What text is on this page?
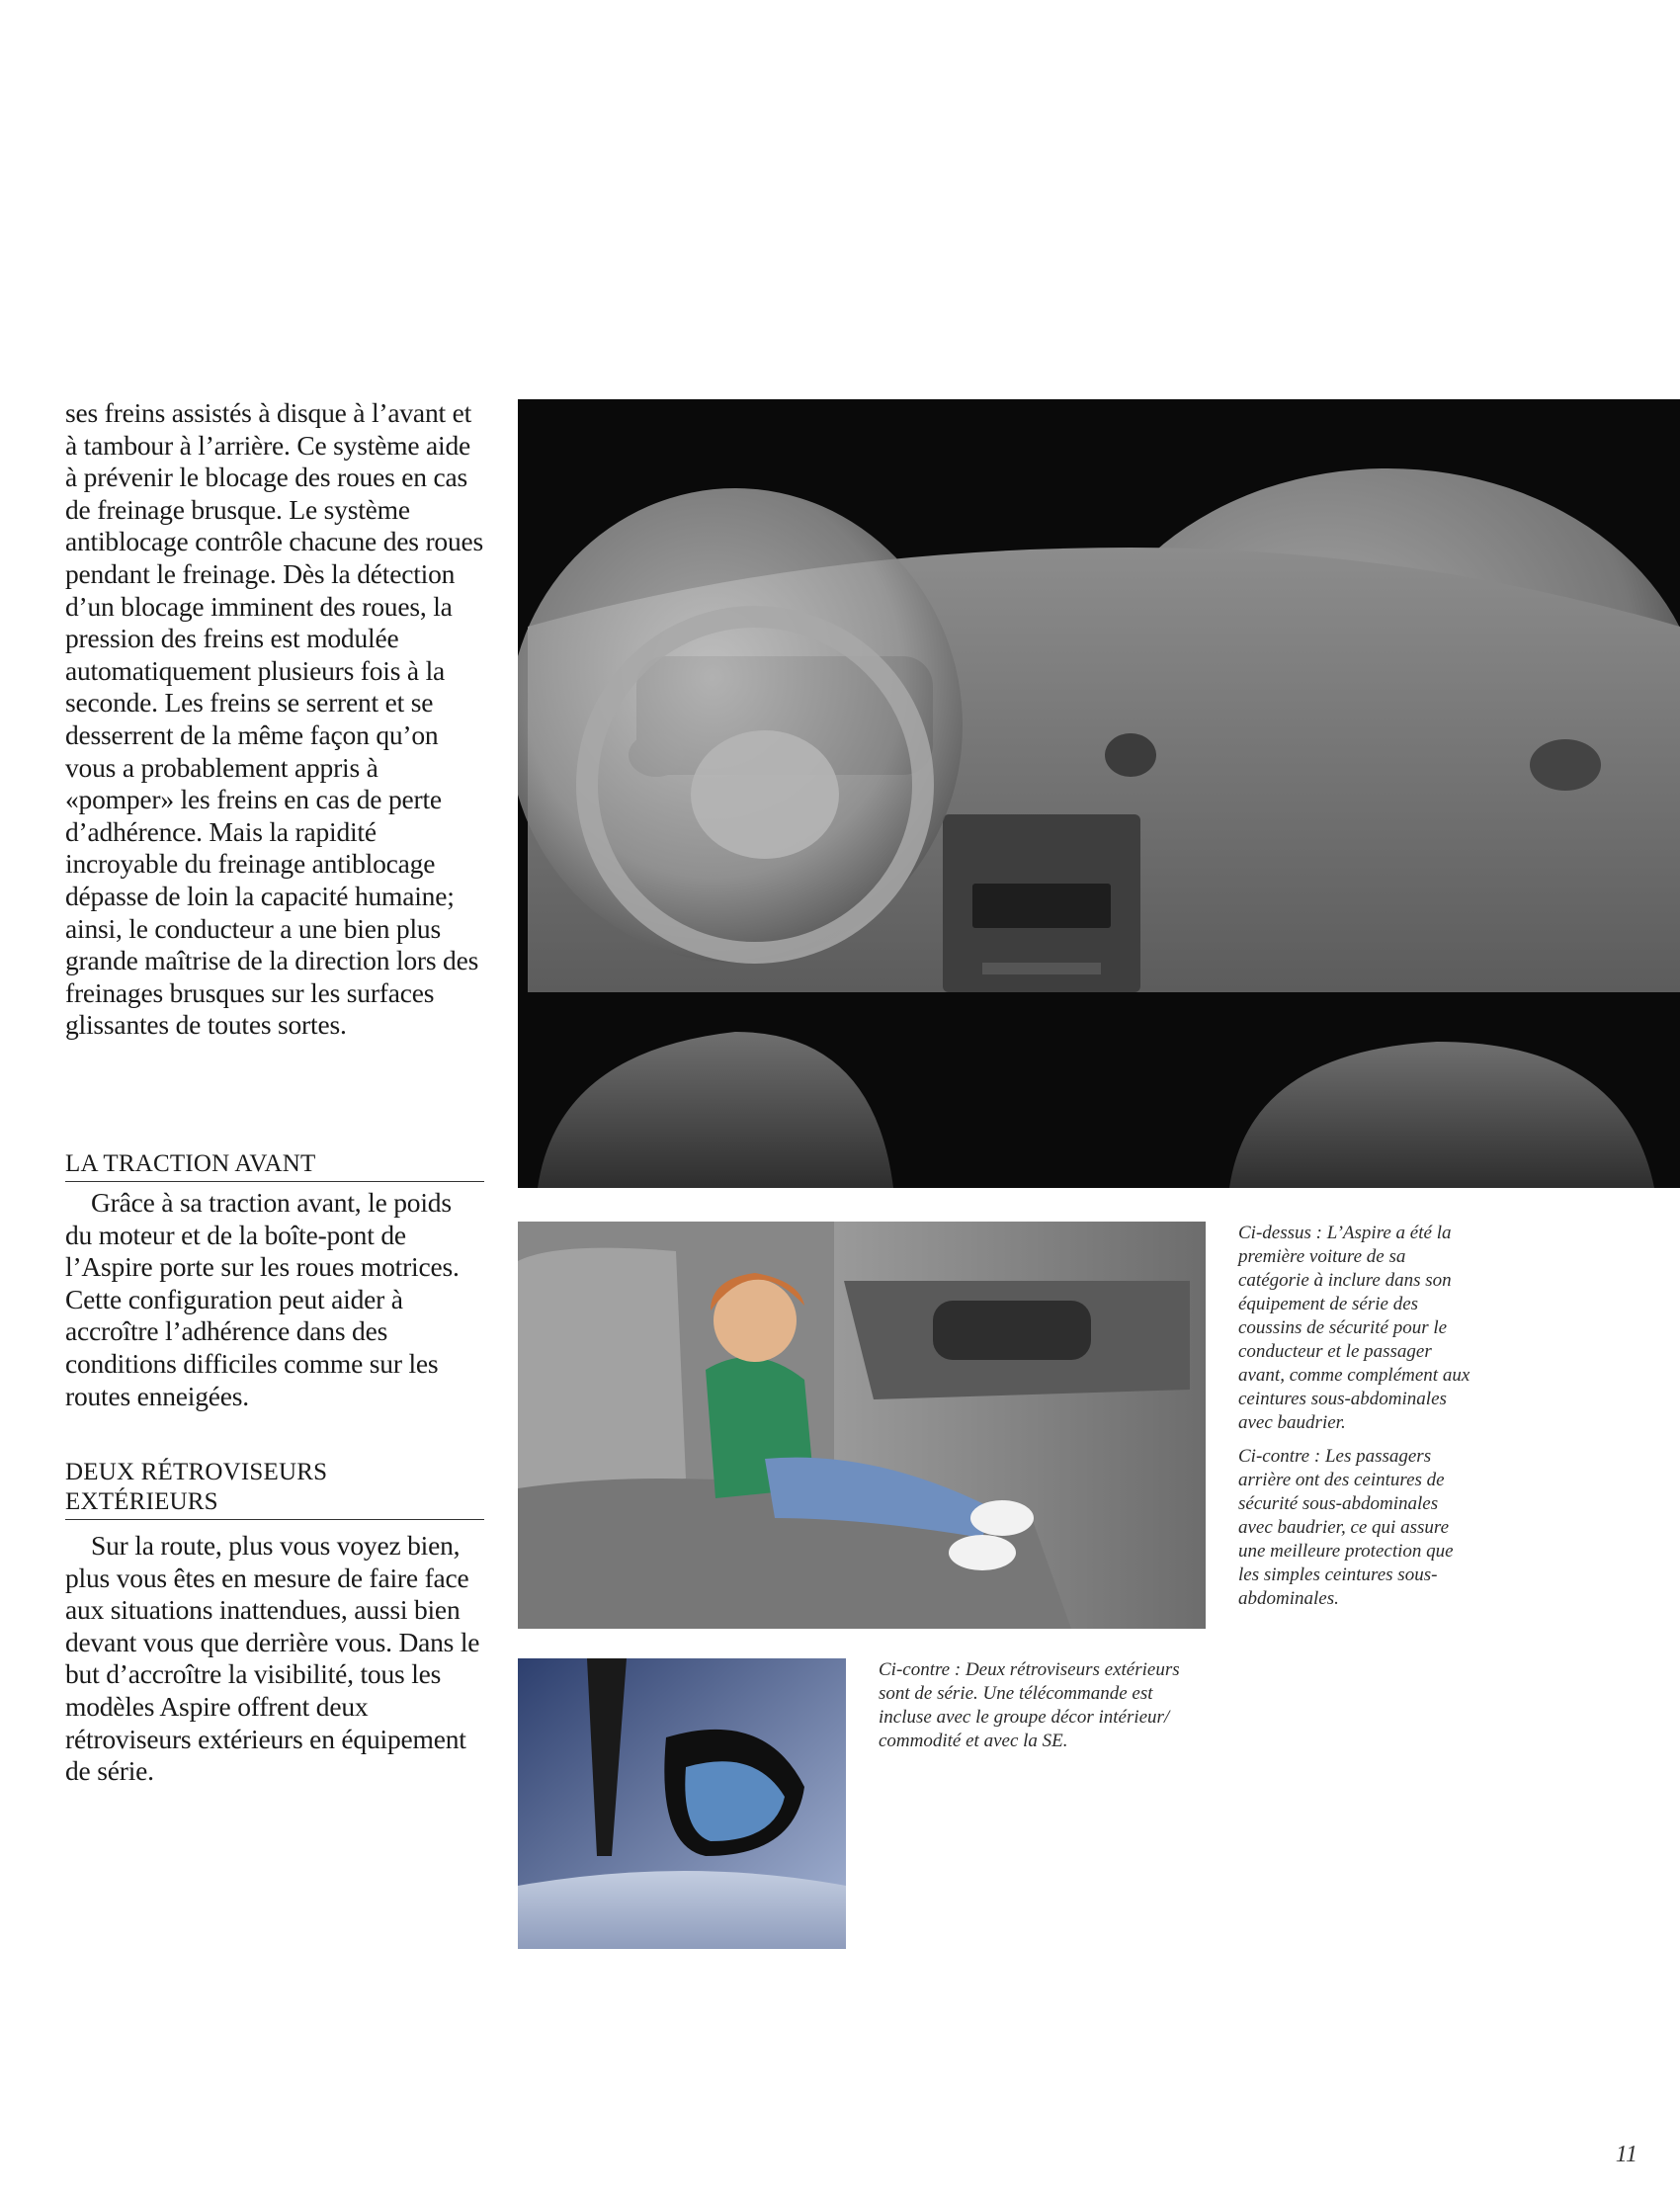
ses freins assistés à disque à l’avant et à tambour à l’arrière. Ce système aide à prévenir le blocage des roues en cas de freinage brusque. Le système antiblocage contrôle chacune des roues pendant le freinage. Dès la détection d’un blocage imminent des roues, la pression des freins est modulée automatiquement plusieurs fois à la seconde. Les freins se serrent et se desserrent de la même façon qu’on vous a probablement appris à «pomper» les freins en cas de perte d’adhérence. Mais la rapidité incroyable du freinage antiblocage dépasse de loin la capacité humaine; ainsi, le conducteur a une bien plus grande maîtrise de la direction lors des freinages brusques sur les surfaces glissantes de toutes sortes.

LA TRACTION AVANT

Grâce à sa traction avant, le poids du moteur et de la boîte-pont de l’Aspire porte sur les roues motrices. Cette configuration peut aider à accroître l’adhérence dans des conditions difficiles comme sur les routes enneigées.

DEUX RÉTROVISEURS EXTÉRIEURS

Sur la route, plus vous voyez bien, plus vous êtes en mesure de faire face aux situations inattendues, aussi bien devant vous que derrière vous. Dans le but d’accroître la visibilité, tous les modèles Aspire offrent deux rétroviseurs extérieurs en équipement de série.

Ci-dessus : L’Aspire a été la première voiture de sa catégorie à inclure dans son équipement de série des coussins de sécurité pour le conducteur et le passager avant, comme complément aux ceintures sous-abdominales avec baudrier.

Ci-contre : Les passagers arrière ont des ceintures de sécurité sous-abdominales avec baudrier, ce qui assure une meilleure protection que les simples ceintures sous-abdominales.

Ci-contre : Deux rétroviseurs extérieurs sont de série. Une télécommande est incluse avec le groupe décor intérieur/ commodité et avec la SE.

11
